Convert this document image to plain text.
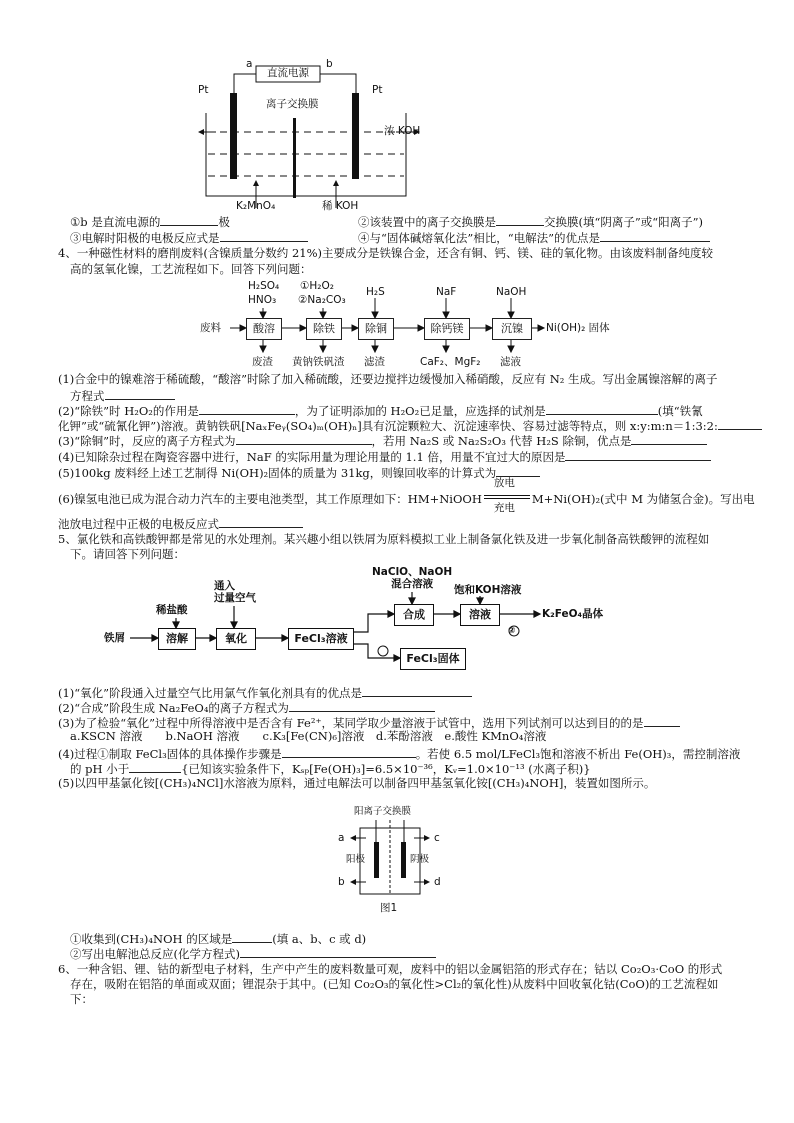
a	b
直流电源
Pt	Pt
离子交换膜
浓 KOH
K₂MnO₄	稀 KOH
①b 是直流电源的	极	②该装置中的离子交换膜是	交换膜(填“阴离子”或“阳离子”)
③电解时阳极的电极反应式是	④与“固体碱熔氧化法”相比，“电解法”的优点是
4、一种磁性材料的磨削废料(含镍质量分数约 21%)主要成分是铁镍合金，还含有铜、钙、镁、硅的氧化物。由该废料制备纯度较
高的氢氧化镍，工艺流程如下。回答下列问题：
废料	酸溶	除铁	除铜	除钙镁	沉镍	Ni(OH)₂ 固体
H₂SO₄
HNO₃
①H₂O₂
②Na₂CO₃
H₂S	NaF	NaOH
废渣 黄钠铁矾渣 滤渣	CaF₂、MgF₂ 滤液
(1)合金中的镍难溶于稀硫酸，“酸溶”时除了加入稀硫酸，还要边搅拌边缓慢加入稀硝酸，反应有 N₂ 生成。写出金属镍溶解的离子
方程式
(2)“除铁”时 H₂O₂的作用是	，为了证明添加的 H₂O₂已足量，应选择的试剂是	(填“铁氰
化钾”或“硫氰化钾”)溶液。黄钠铁矾[NaₓFeᵧ(SO₄)ₘ(OH)ₙ]具有沉淀颗粒大、沉淀速率快、容易过滤等特点，则 x:y:m:n＝1:3:2:
(3)“除铜”时，反应的离子方程式为	，若用 Na₂S 或 Na₂S₂O₃ 代替 H₂S 除铜，优点是
(4)已知除杂过程在陶瓷容器中进行，NaF 的实际用量为理论用量的 1.1 倍，用量不宜过大的原因是
(5)100kg 废料经上述工艺制得 Ni(OH)₂固体的质量为 31kg，则镍回收率的计算式为
(6)镍氢电池已成为混合动力汽车的主要电池类型，其工作原理如下：HM+NiOOH
放电
充电
M+Ni(OH)₂(式中 M 为储氢合金)。写出电
池放电过程中正极的电极反应式
5、氯化铁和高铁酸钾都是常见的水处理剂。某兴趣小组以铁屑为原料模拟工业上制备氯化铁及进一步氧化制备高铁酸钾的流程如
下。请回答下列问题：
铁屑
稀盐酸
通入
过量空气
溶解	氧化	FeCl₃溶液
NaClO、NaOH
混合溶液
合成
饱和KOH溶液
溶液
FeCl₃固体
②
K₂FeO₄晶体
(1)“氧化”阶段通入过量空气比用氯气作氧化剂具有的优点是
(2)“合成”阶段生成 Na₂FeO₄的离子方程式为
(3)为了检验“氧化”过程中所得溶液中是否含有 Fe²⁺，某同学取少量溶液于试管中，选用下列试剂可以达到目的的是
a.KSCN 溶液　　b.NaOH 溶液　　c.K₃[Fe(CN)₆]溶液　d.苯酚溶液　e.酸性 KMnO₄溶液
(4)过程①制取 FeCl₃固体的具体操作步骤是	。若使 6.5 mol/LFeCl₃饱和溶液不析出 Fe(OH)₃，需控制溶液
的 pH 小于	{已知该实验条件下，Kₛₚ[Fe(OH)₃]=6.5×10⁻³⁶，Kᵥ=1.0×10⁻¹³ (水离子积)}
(5)以四甲基氯化铵[(CH₃)₄NCl]水溶液为原料，通过电解法可以制备四甲基氢氧化铵[(CH₃)₄NOH]，装置如图所示。
阳离子交换膜
阳极	阴极
a
b
c
d
图1
①收集到(CH₃)₄NOH 的区域是	(填 a、b、c 或 d)
②写出电解池总反应(化学方程式)
6、一种含铝、锂、钴的新型电子材料，生产中产生的废料数量可观，废料中的铝以金属铝箔的形式存在；钴以 Co₂O₃·CoO 的形式
存在，吸附在铝箔的单面或双面；锂混杂于其中。(已知 Co₂O₃的氧化性>Cl₂的氧化性)从废料中回收氧化钴(CoO)的工艺流程如
下：
